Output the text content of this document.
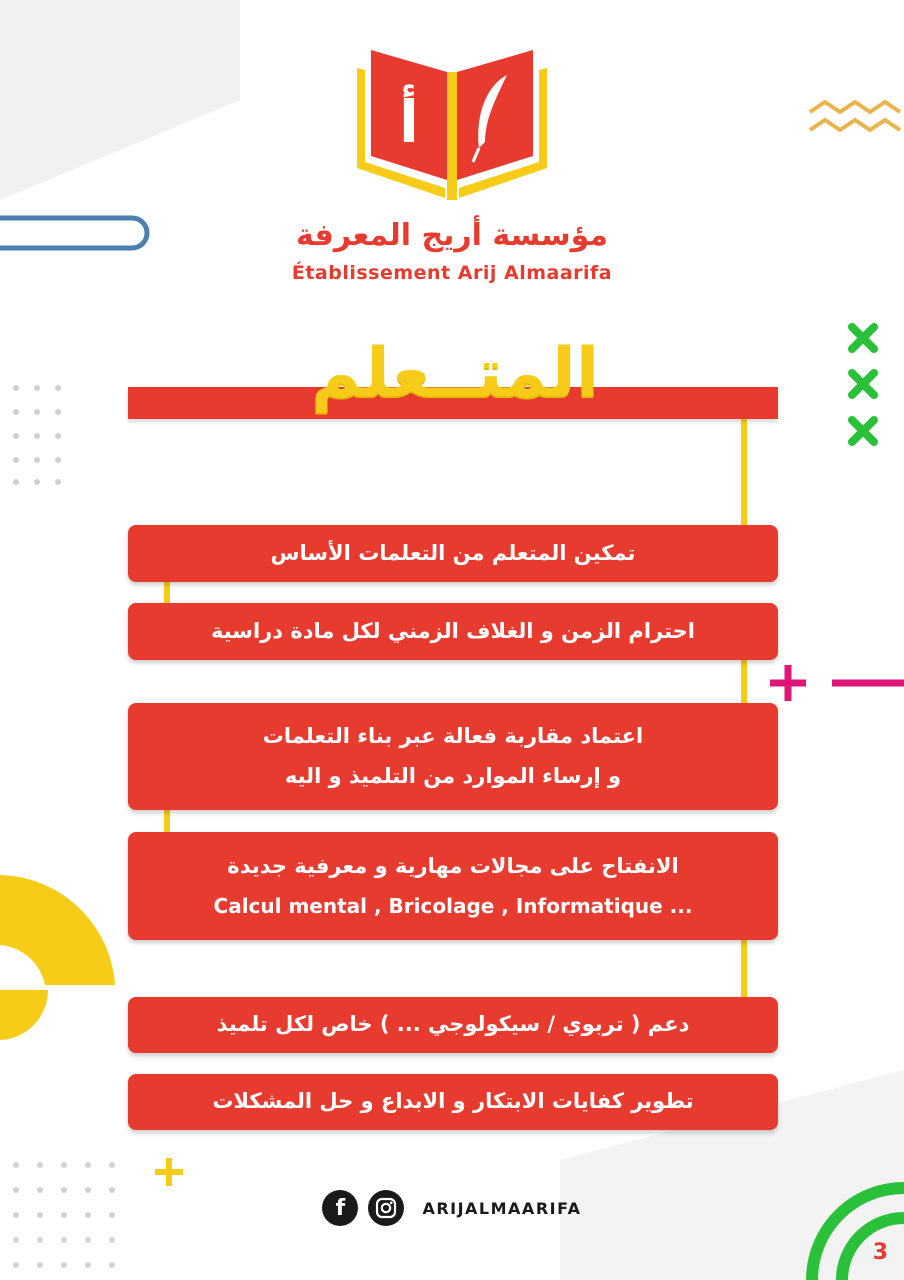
أ
مؤسسة أريج المعرفة
Établissement Arij Almaarifa
المتــعلم
تمكين المتعلم من التعلمات الأساس
احترام الزمن و الغلاف الزمني لكل مادة دراسية
اعتماد مقاربة فعالة عبر بناء التعلمات
و إرساء الموارد من التلميذ و اليه
الانفتاح على مجالات مهارية و معرفية جديدة
Calcul mental , Bricolage , Informatique ...
دعم ( تربوي / سيكولوجي ... ) خاص لكل تلميذ
تطوير كفايات الابتكار و الابداع و حل المشكلات
f	ARIJALMAARIFA
3
